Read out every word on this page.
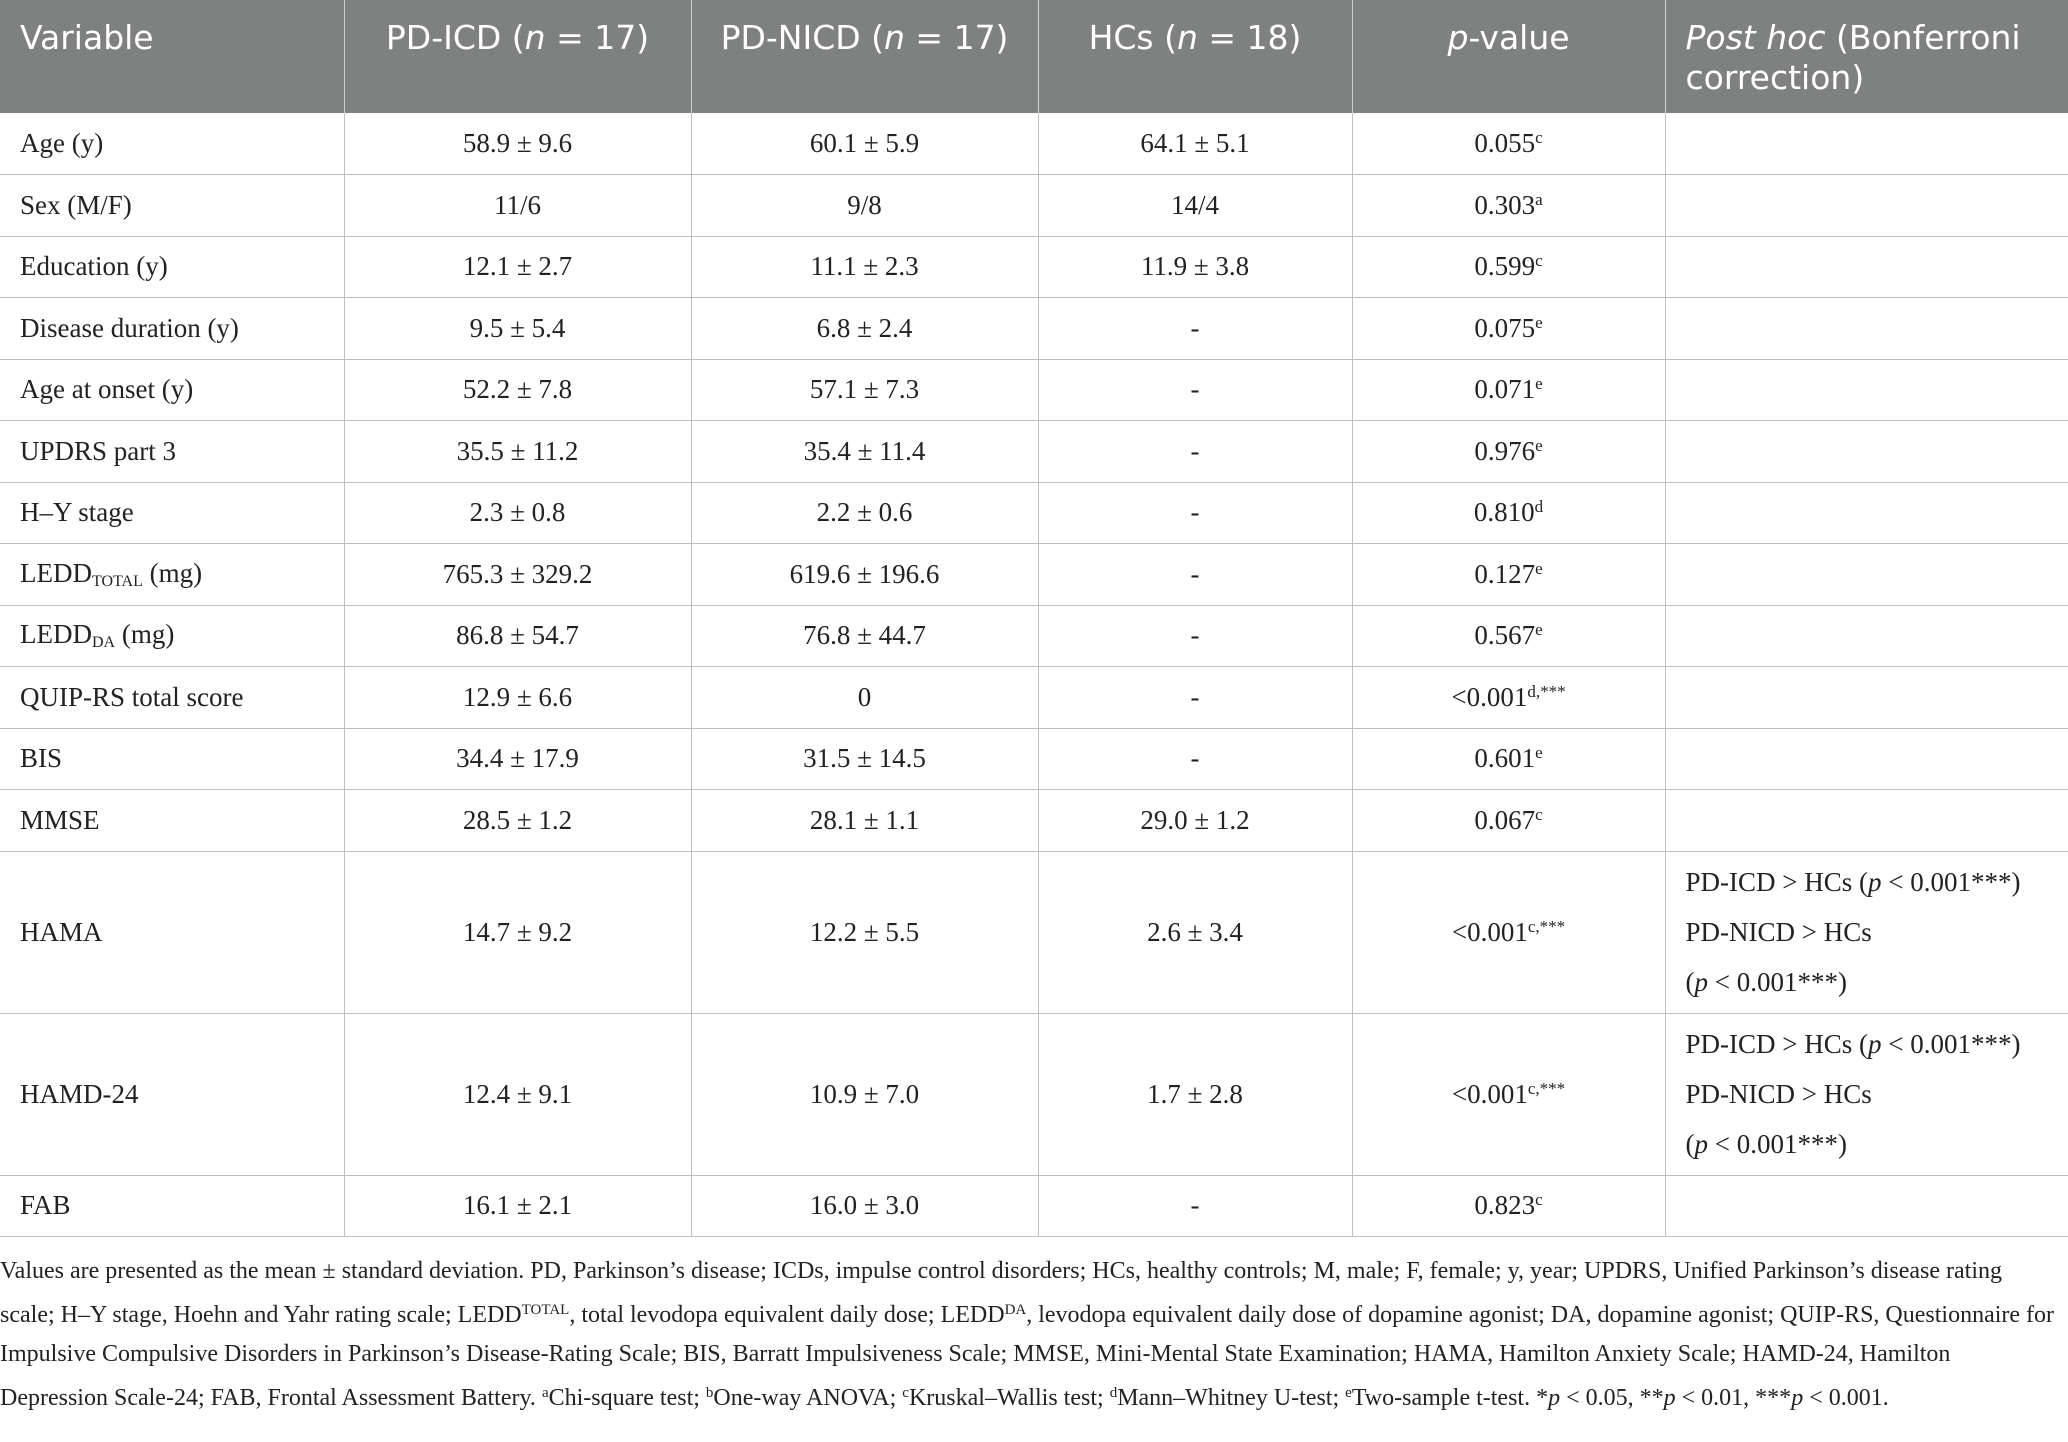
Variable	PD-ICD (n = 17)	PD-NICD (n = 17)	HCs (n = 18)	p-value	Post hoc (Bonferroni correction)
Age (y)	58.9 ± 9.6	60.1 ± 5.9	64.1 ± 5.1	0.055$^c$	
Sex (M/F)	11/6	9/8	14/4	0.303$^a$	
Education (y)	12.1 ± 2.7	11.1 ± 2.3	11.9 ± 3.8	0.599$^c$	
Disease duration (y)	9.5 ± 5.4	6.8 ± 2.4	-	0.075e	
Age at onset (y)	52.2 ± 7.8	57.1 ± 7.3	-	0.071e	
UPDRS part 3	35.5 ± 11.2	35.4 ± 11.4	-	0.976e	
H–Y stage	2.3 ± 0.8	2.2 ± 0.6	-	0.810$^d$	
$LEDD_{TOTAL}$ (mg)	765.3 ± 329.2	619.6 ± 196.6	-	0.127e	
$LEDD_{DA}$ (mg)	86.8 ± 54.7	76.8 ± 44.7	-	0.567e	
QUIP-RS total score	12.9 ± 6.6	0	-	$<0.001^{d,***}$	
BIS	34.4 ± 17.9	31.5 ± 14.5	-	0.601e	
MMSE	28.5 ± 1.2	28.1 ± 1.1	29.0 ± 1.2	0.067$^c$	
HAMA	14.7 ± 9.2	12.2 ± 5.5	2.6 ± 3.4	$<0.001^{c,***}$	PD-ICD > HCs (p < 0.001***)
PD-NICD > HCs
(p < 0.001***)
HAMD-24	12.4 ± 9.1	10.9 ± 7.0	1.7 ± 2.8	$<0.001^{c,***}$	PD-ICD > HCs (p < 0.001***)
PD-NICD > HCs
(p < 0.001***)
FAB	16.1 ± 2.1	16.0 ± 3.0	-	0.823$^c$	

Values are presented as the mean ± standard deviation. PD, Parkinson’s disease; ICDs, impulse control disorders; HCs, healthy controls; M, male; F, female; y, year; UPDRS, Unified Parkinson’s disease rating scale; H–Y stage, Hoehn and Yahr rating scale; $LEDD^{TOTAL}$, total levodopa equivalent daily dose; $LEDD^{DA}$, levodopa equivalent daily dose of dopamine agonist; DA, dopamine agonist; QUIP-RS, Questionnaire for Impulsive Compulsive Disorders in Parkinson’s Disease-Rating Scale; BIS, Barratt Impulsiveness Scale; MMSE, Mini-Mental State Examination; HAMA, Hamilton Anxiety Scale; HAMD-24, Hamilton Depression Scale-24; FAB, Frontal Assessment Battery. $^a$Chi-square test; $^b$One-way ANOVA; $^c$Kruskal–Wallis test; $^d$Mann–Whitney U-test; $^e$Two-sample t-test. *p < 0.05, **p < 0.01, ***p < 0.001.
